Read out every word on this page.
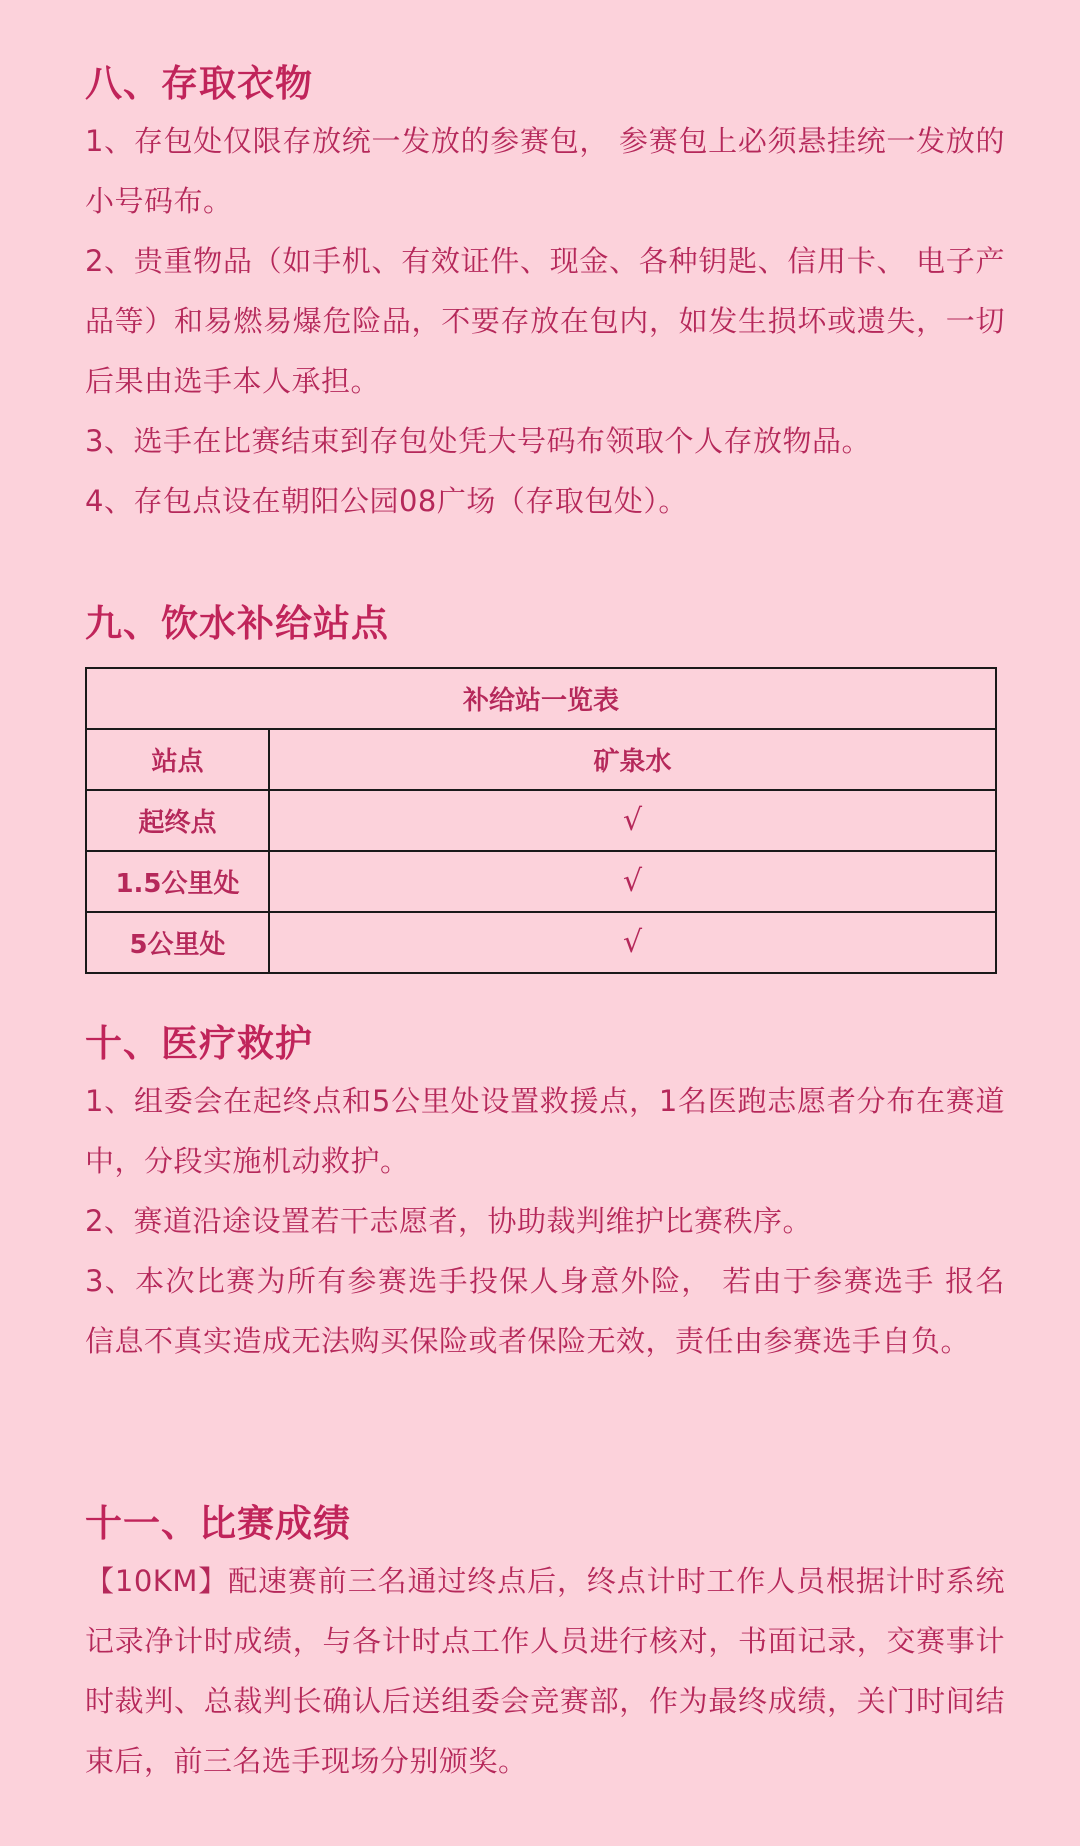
八、存取衣物

1、存包处仅限存放统一发放的参赛包， 参赛包上必须悬挂统一发放的小号码布。

2、贵重物品（如手机、有效证件、现金、各种钥匙、信用卡、 电子产品等）和易燃易爆危险品，不要存放在包内，如发生损坏或遗失，一切后果由选手本人承担。

3、选手在比赛结束到存包处凭大号码布领取个人存放物品。

4、存包点设在朝阳公园08广场（存取包处）。

九、饮水补给站点
补给站一览表	
站点	矿泉水
起终点	√
1.5公里处	√
5公里处	√
十、医疗救护

1、组委会在起终点和5公里处设置救援点，1名医跑志愿者分布在赛道中，分段实施机动救护。

2、赛道沿途设置若干志愿者，协助裁判维护比赛秩序。

3、本次比赛为所有参赛选手投保人身意外险， 若由于参赛选手 报名信息不真实造成无法购买保险或者保险无效，责任由参赛选手自负。

十一、比赛成绩

【10KM】配速赛前三名通过终点后，终点计时工作人员根据计时系统记录净计时成绩，与各计时点工作人员进行核对，书面记录，交赛事计时裁判、总裁判长确认后送组委会竞赛部，作为最终成绩，关门时间结束后，前三名选手现场分别颁奖。
